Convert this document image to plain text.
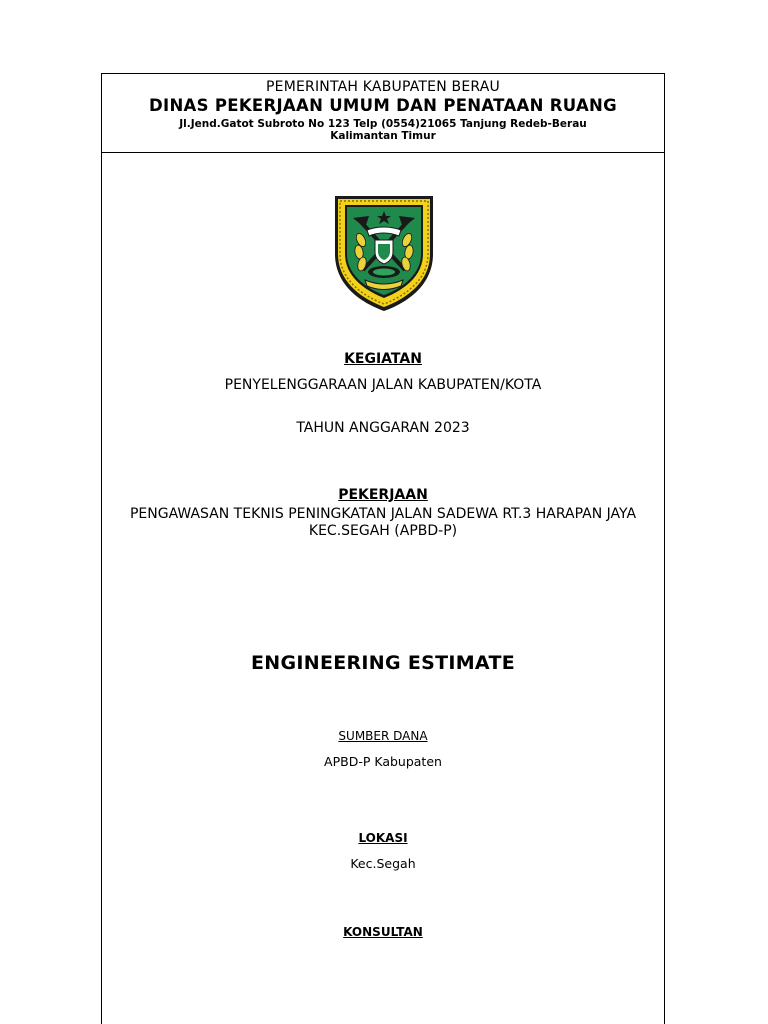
PEMERINTAH KABUPATEN BERAU
DINAS PEKERJAAN UMUM DAN PENATAAN RUANG
Jl.Jend.Gatot Subroto No 123 Telp (0554)21065 Tanjung Redeb-Berau
Kalimantan Timur
KEGIATAN
PENYELENGGARAAN JALAN KABUPATEN/KOTA
TAHUN ANGGARAN 2023
PEKERJAAN
PENGAWASAN TEKNIS PENINGKATAN JALAN SADEWA RT.3 HARAPAN JAYA
KEC.SEGAH (APBD-P)
ENGINEERING ESTIMATE
SUMBER DANA
APBD-P Kabupaten
LOKASI
Kec.Segah
KONSULTAN
